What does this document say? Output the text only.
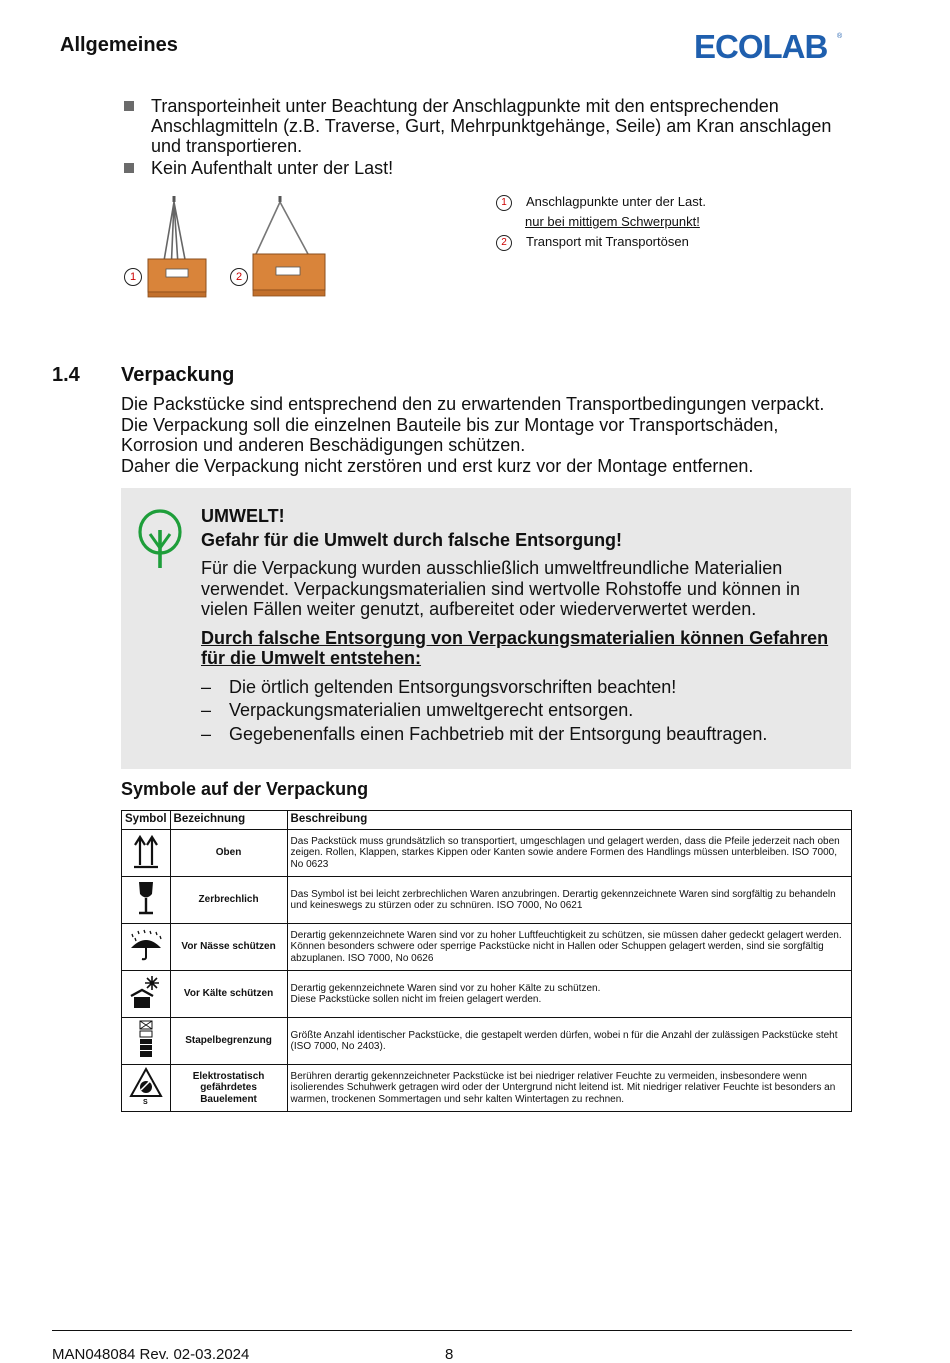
Allgemeines	ECOLAB ®
Transporteinheit unter Beachtung der Anschlagpunkte mit den entsprechenden Anschlagmitteln (z.B. Traverse, Gurt, Mehrpunktgehänge, Seile) am Kran anschlagen und transportieren.
Kein Aufenthalt unter der Last!
1	2
1	Anschlagpunkte unter der Last.
nur bei mittigem Schwerpunkt!
2	Transport mit Transportösen
1.4 Verpackung
Die Packstücke sind entsprechend den zu erwartenden Transportbedingungen verpackt.
Die Verpackung soll die einzelnen Bauteile bis zur Montage vor Transportschäden, Korrosion und anderen Beschädigungen schützen.
Daher die Verpackung nicht zerstören und erst kurz vor der Montage entfernen.
UMWELT!
Gefahr für die Umwelt durch falsche Entsorgung!
Für die Verpackung wurden ausschließlich umweltfreundliche Materialien verwendet. Verpackungsmaterialien sind wertvolle Rohstoffe und können in vielen Fällen weiter genutzt, aufbereitet oder wiederverwertet werden.
Durch falsche Entsorgung von Verpackungsmaterialien können Gefahren für die Umwelt entstehen:
– Die örtlich geltenden Entsorgungsvorschriften beachten!
– Verpackungsmaterialien umweltgerecht entsorgen.
– Gegebenenfalls einen Fachbetrieb mit der Entsorgung beauftragen.
Symbole auf der Verpackung
Symbol	Bezeichnung	Beschreibung
	Oben	Das Packstück muss grundsätzlich so transportiert, umgeschlagen und gelagert werden, dass die Pfeile jederzeit nach oben zeigen. Rollen, Klappen, starkes Kippen oder Kanten sowie andere Formen des Handlings müssen unterbleiben. ISO 7000, No 0623
	Zerbrechlich	Das Symbol ist bei leicht zerbrechlichen Waren anzubringen. Derartig gekennzeichnete Waren sind sorgfältig zu behandeln und keineswegs zu stürzen oder zu schnüren. ISO 7000, No 0621
	Vor Nässe schützen	Derartig gekennzeichnete Waren sind vor zu hoher Luftfeuchtigkeit zu schützen, sie müssen daher gedeckt gelagert werden. Können besonders schwere oder sperrige Packstücke nicht in Hallen oder Schuppen gelagert werden, sind sie sorgfältig abzuplanen. ISO 7000, No 0626
	Vor Kälte schützen	Derartig gekennzeichnete Waren sind vor zu hoher Kälte zu schützen.
Diese Packstücke sollen nicht im freien gelagert werden.
	Stapelbegrenzung	Größte Anzahl identischer Packstücke, die gestapelt werden dürfen, wobei n für die Anzahl der zulässigen Packstücke steht (ISO 7000, No 2403).

S	Elektrostatisch gefährdetes Bauelement	Berühren derartig gekennzeichneter Packstücke ist bei niedriger relativer Feuchte zu vermeiden, insbesondere wenn isolierendes Schuhwerk getragen wird oder der Untergrund nicht leitend ist. Mit niedriger relativer Feuchte ist besonders an warmen, trockenen Sommertagen und sehr kalten Wintertagen zu rechnen.
MAN048084 Rev. 02-03.2024	8
